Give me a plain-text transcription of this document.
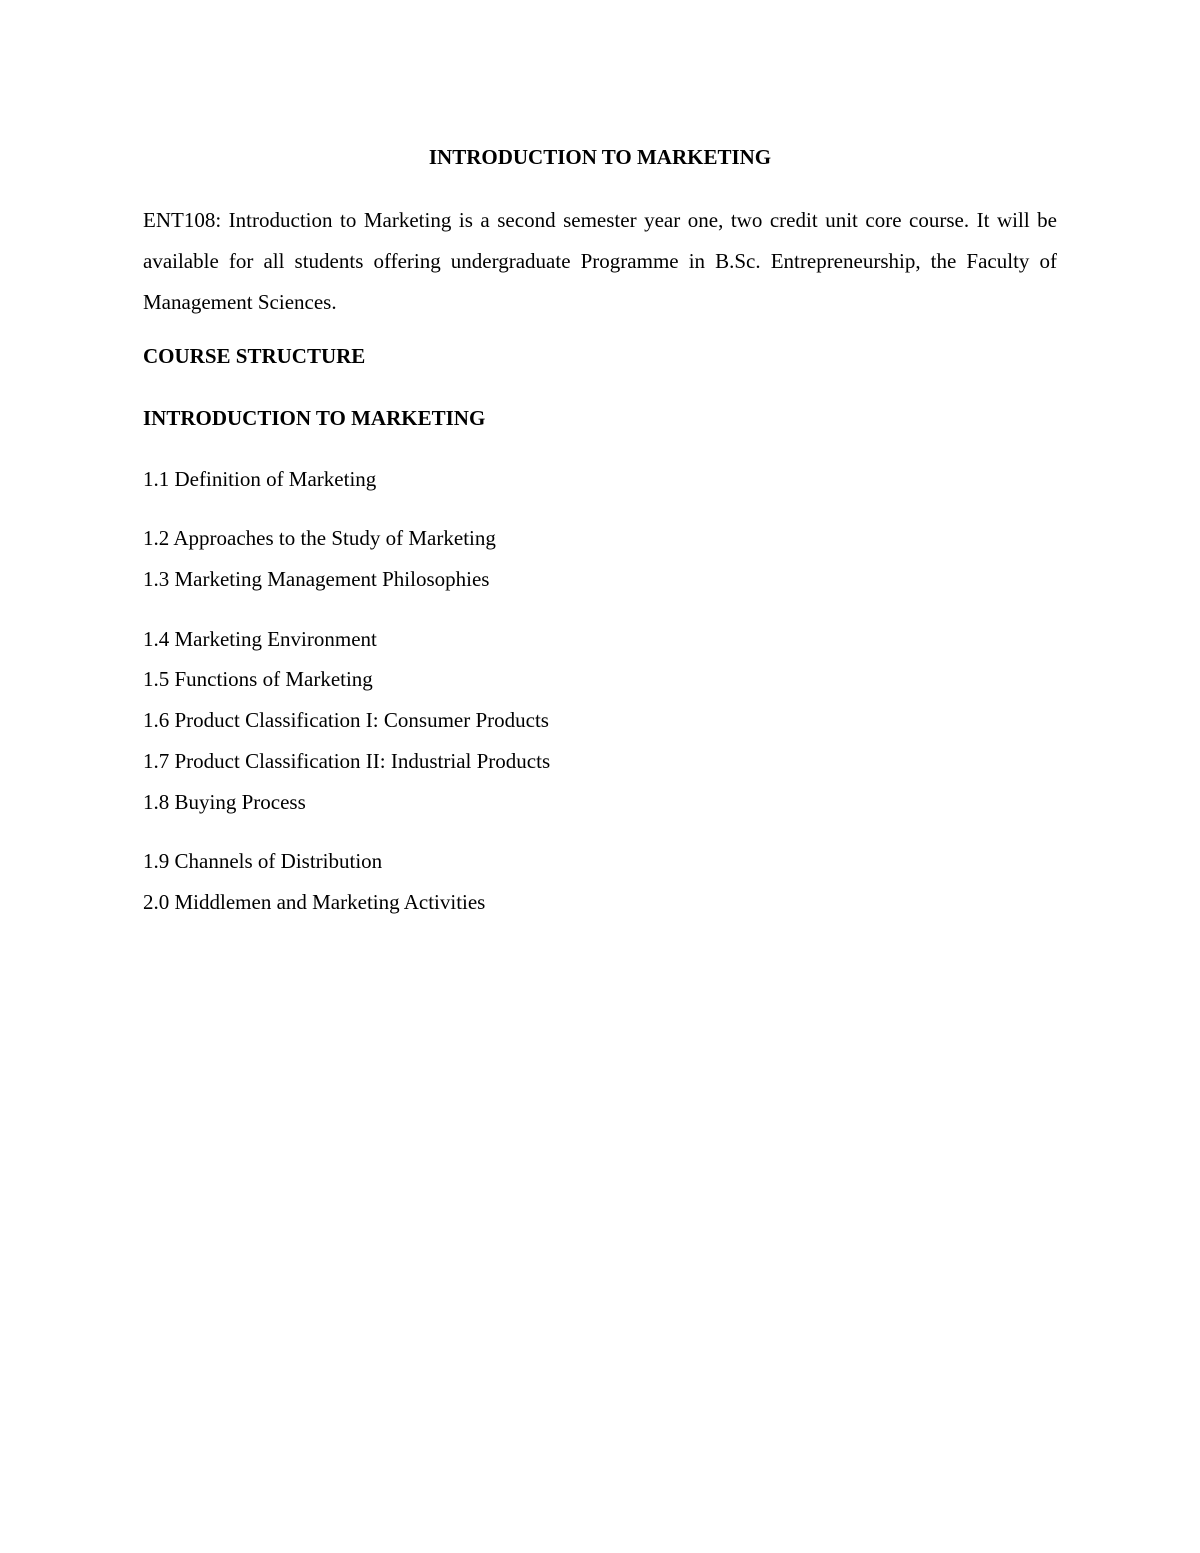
INTRODUCTION TO MARKETING

ENT108: Introduction to Marketing is a second semester year one, two credit unit core course. It will be available for all students offering undergraduate Programme in B.Sc. Entrepreneurship, the Faculty of Management Sciences.

COURSE STRUCTURE
INTRODUCTION TO MARKETING

1.1 Definition of Marketing

1.2 Approaches to the Study of Marketing

1.3 Marketing Management Philosophies

1.4 Marketing Environment

1.5 Functions of Marketing

1.6 Product Classification I: Consumer Products

1.7 Product Classification II: Industrial Products

1.8 Buying Process

1.9 Channels of Distribution

2.0 Middlemen and Marketing Activities
